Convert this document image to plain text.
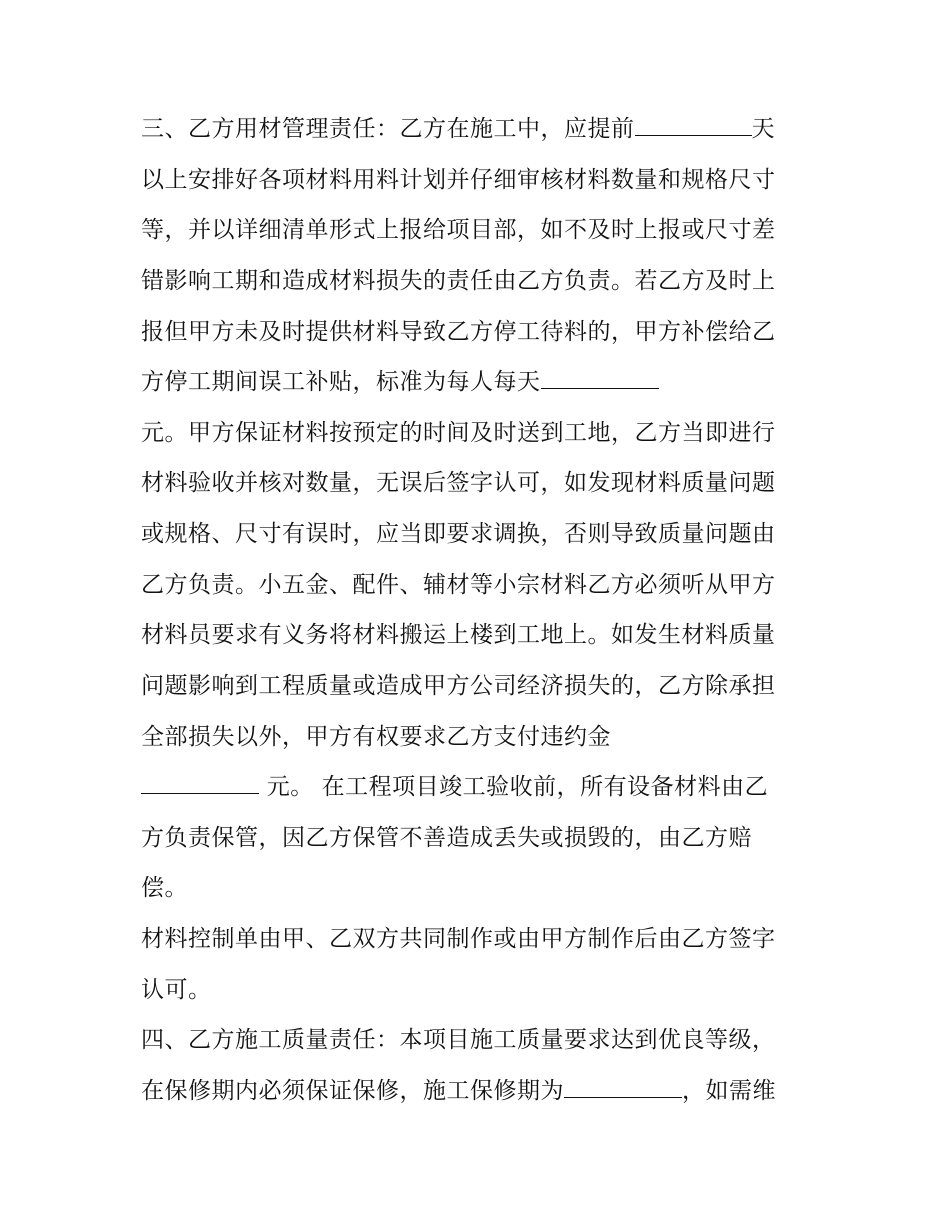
三、乙方用材管理责任：乙方在施工中，应提前	天
以上安排好各项材料用料计划并仔细审核材料数量和规格尺寸
等，并以详细清单形式上报给项目部，如不及时上报或尺寸差
错影响工期和造成材料损失的责任由乙方负责。若乙方及时上
报但甲方未及时提供材料导致乙方停工待料的，甲方补偿给乙
方停工期间误工补贴，标准为每人每天
元。甲方保证材料按预定的时间及时送到工地，乙方当即进行
材料验收并核对数量，无误后签字认可，如发现材料质量问题
或规格、尺寸有误时，应当即要求调换，否则导致质量问题由
乙方负责。小五金、配件、辅材等小宗材料乙方必须听从甲方
材料员要求有义务将材料搬运上楼到工地上。如发生材料质量
问题影响到工程质量或造成甲方公司经济损失的，乙方除承担
全部损失以外，甲方有权要求乙方支付违约金
元。 在工程项目竣工验收前，所有设备材料由乙
方负责保管，因乙方保管不善造成丢失或损毁的，由乙方赔
偿。
材料控制单由甲、乙双方共同制作或由甲方制作后由乙方签字
认可。
四、乙方施工质量责任：本项目施工质量要求达到优良等级，
在保修期内必须保证保修，施工保修期为	，如需维
